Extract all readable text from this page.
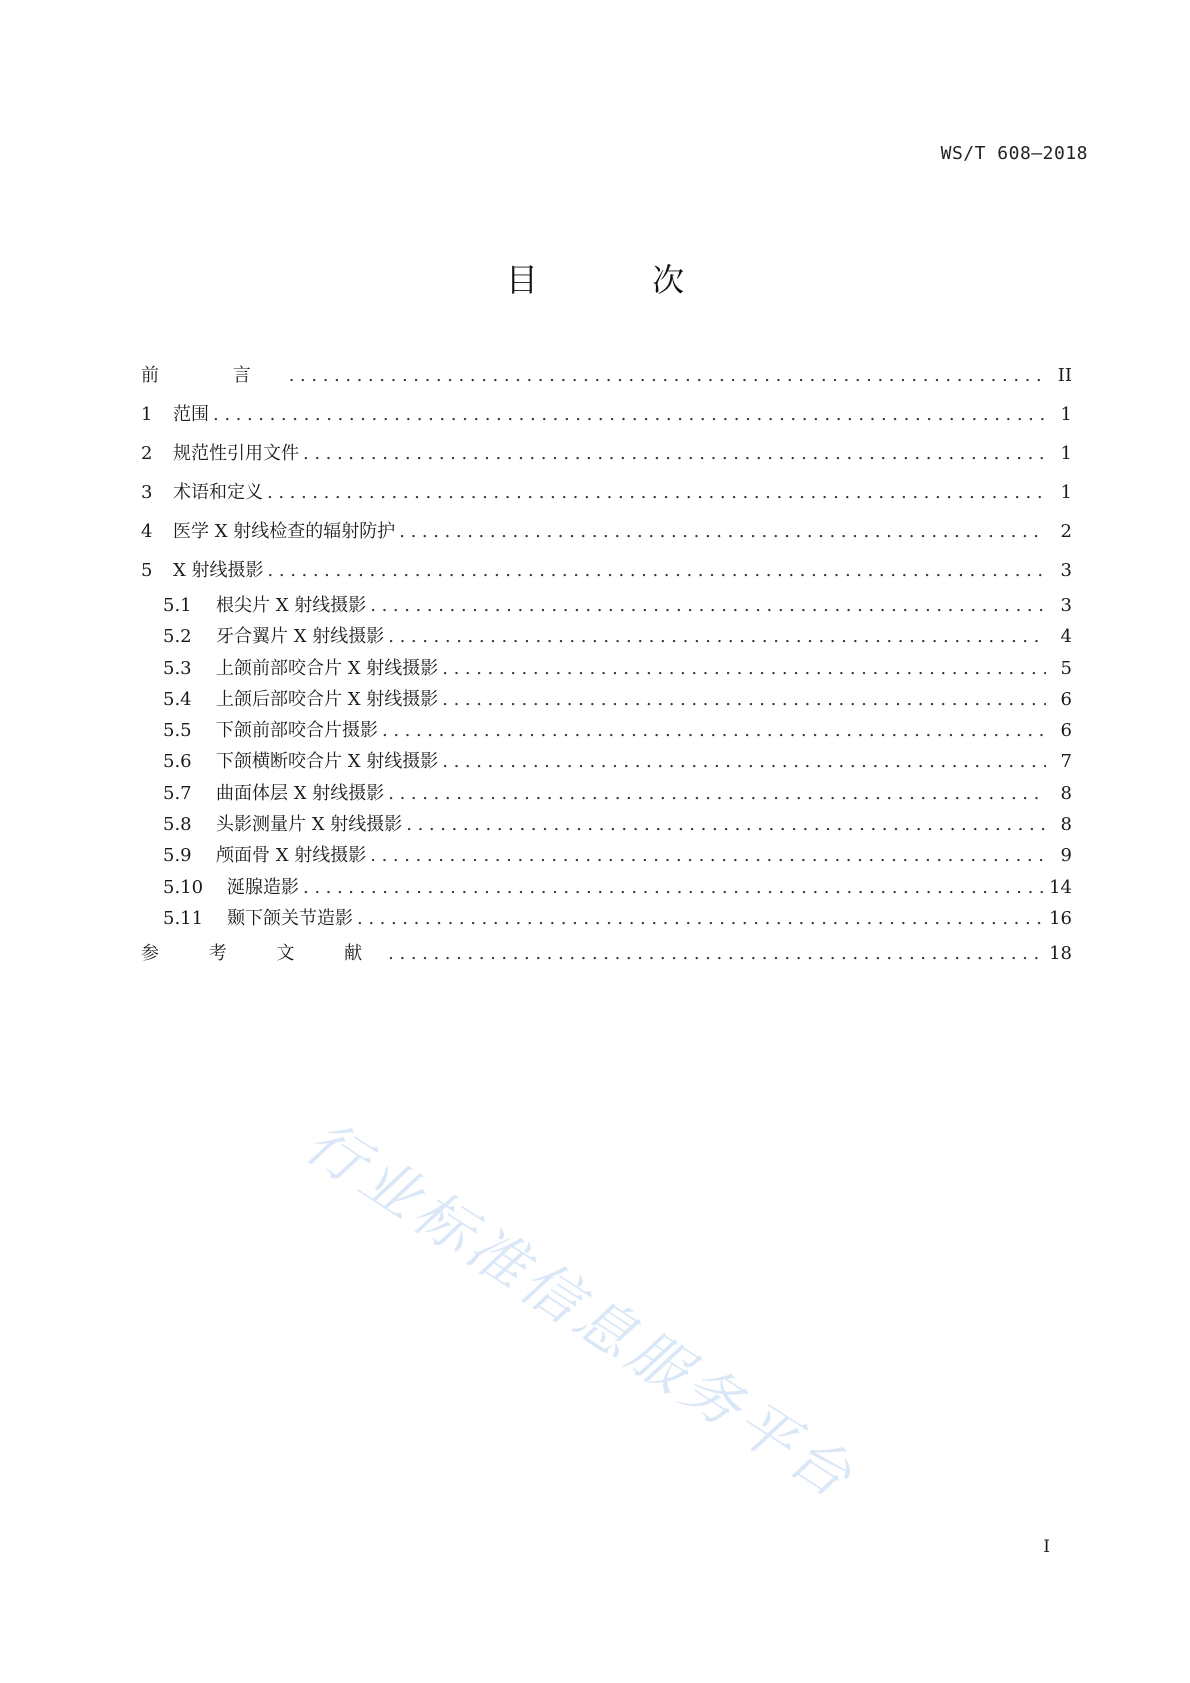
WS/T 608—2018
目 次
前 言 .....	II
1	范围 .....	1
2	规范性引用文件 .....	1
3	术语和定义 .....	1
4	医学 X 射线检查的辐射防护 .....	2
5	X 射线摄影 .....	3
5.1	根尖片 X 射线摄影 .....	3
5.2	牙合翼片 X 射线摄影 .....	4
5.3	上颌前部咬合片 X 射线摄影 .....	5
5.4	上颌后部咬合片 X 射线摄影 .....	6
5.5	下颌前部咬合片摄影 .....	6
5.6	下颌横断咬合片 X 射线摄影 .....	7
5.7	曲面体层 X 射线摄影 .....	8
5.8	头影测量片 X 射线摄影 .....	8
5.9	颅面骨 X 射线摄影 .....	9
5.10	涎腺造影 .....	14
5.11	颞下颌关节造影 .....	16
参 考 文 献 .....	18
行业标准信息服务平台
I
